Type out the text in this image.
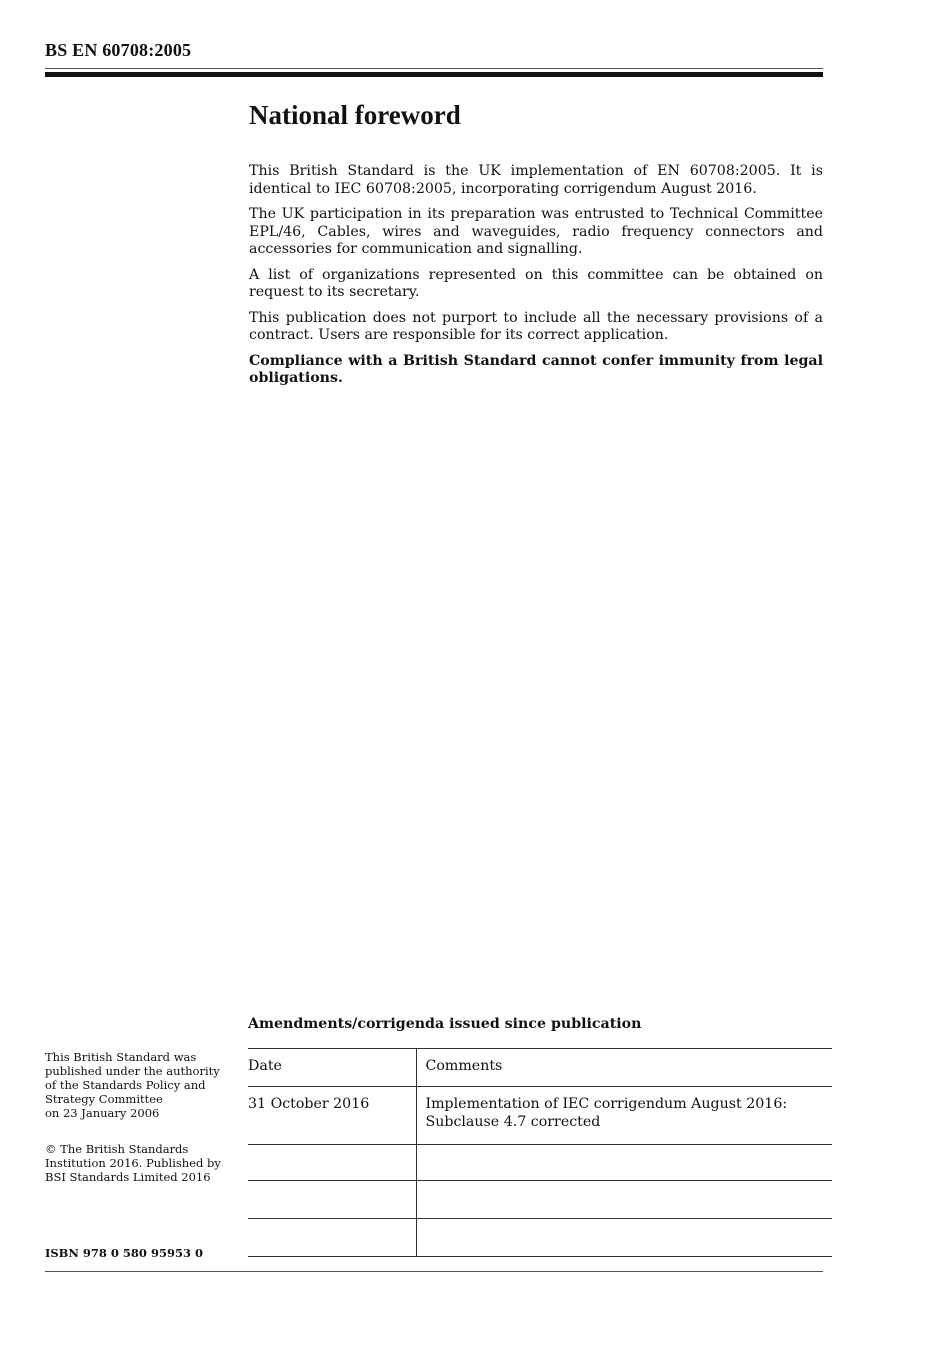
BS EN 60708:2005
National foreword

This British Standard is the UK implementation of EN 60708:2005. It is identical to IEC 60708:2005, incorporating corrigendum August 2016.

The UK participation in its preparation was entrusted to Technical Committee EPL/46, Cables, wires and waveguides, radio frequency connectors and accessories for communication and signalling.

A list of organizations represented on this committee can be obtained on request to its secretary.

This publication does not purport to include all the necessary provisions of a contract. Users are responsible for its correct application.

Compliance with a British Standard cannot confer immunity from legal obligations.

Amendments/corrigenda issued since publication
Date	Comments
31 October 2016	Implementation of IEC corrigendum August 2016:
Subclause 4.7 corrected

This British Standard was

published under the authority

of the Standards Policy and

Strategy Committee

on 23 January 2006

© The British Standards

Institution 2016. Published by

BSI Standards Limited 2016

ISBN 978 0 580 95953 0
